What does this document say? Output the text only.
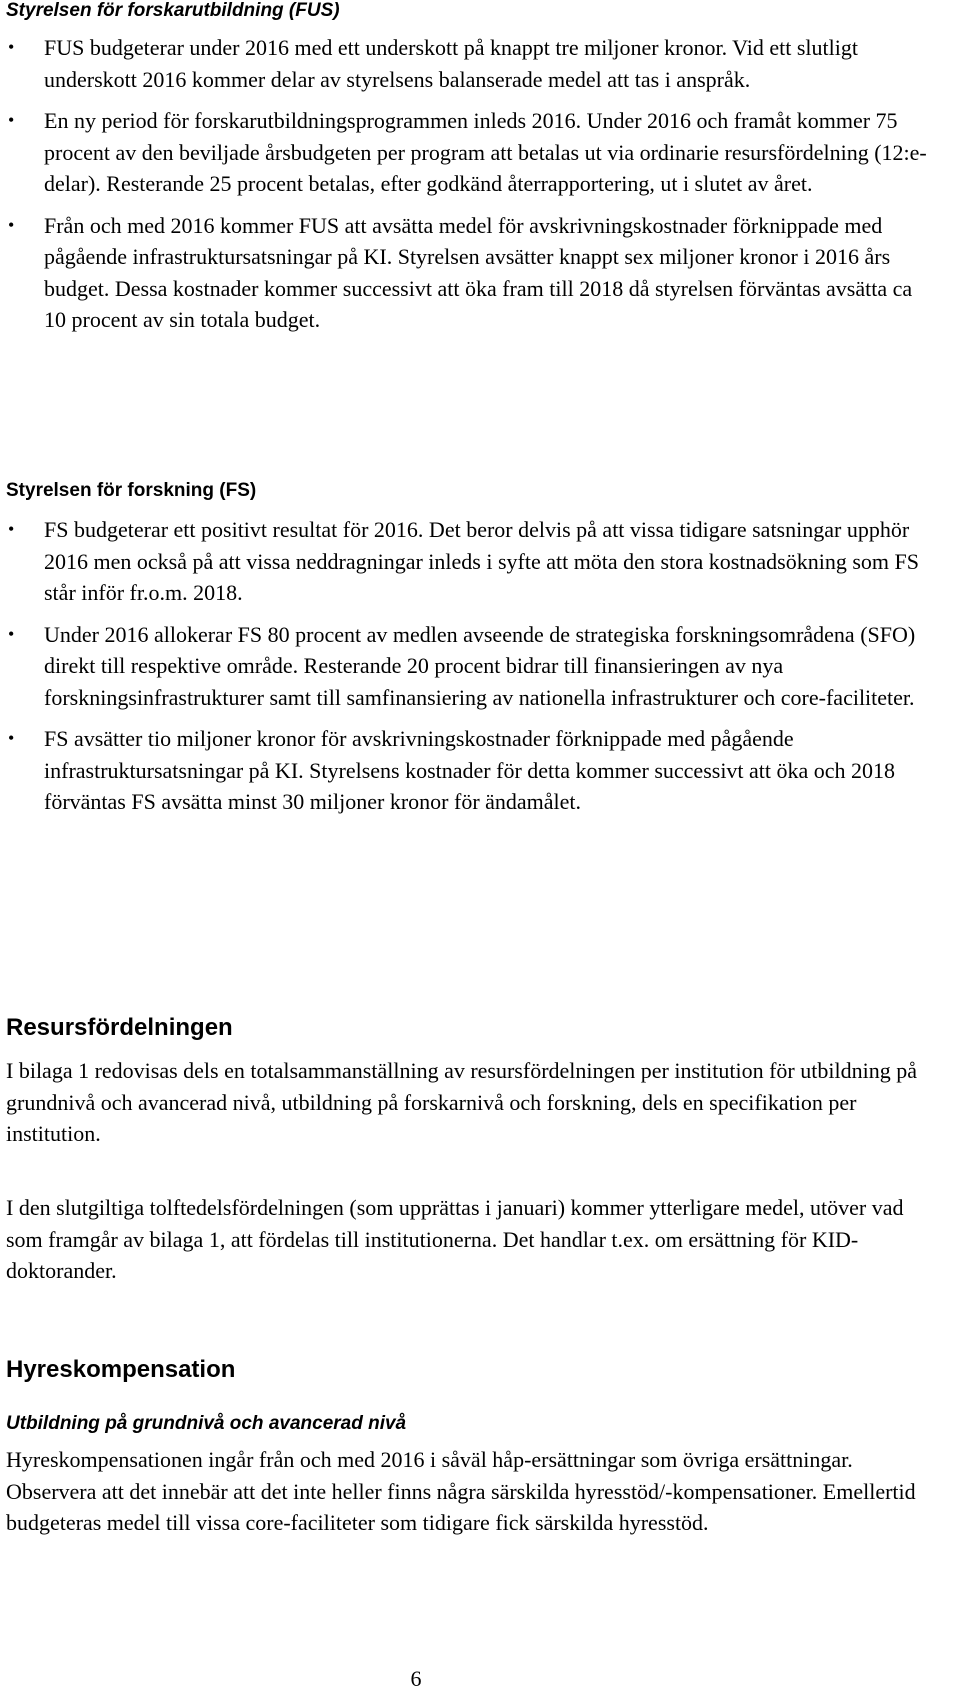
Styrelsen för forskarutbildning (FUS)
• FUS budgeterar under 2016 med ett underskott på knappt tre miljoner kronor. Vid ett slutligt underskott 2016 kommer delar av styrelsens balanserade medel att tas i anspråk.
• En ny period för forskarutbildningsprogrammen inleds 2016. Under 2016 och framåt kommer 75 procent av den beviljade årsbudgeten per program att betalas ut via ordinarie resursfördelning (12:e-delar). Resterande 25 procent betalas, efter godkänd återrapportering, ut i slutet av året.
• Från och med 2016 kommer FUS att avsätta medel för avskrivningskostnader förknippade med pågående infrastruktursatsningar på KI. Styrelsen avsätter knappt sex miljoner kronor i 2016 års budget. Dessa kostnader kommer successivt att öka fram till 2018 då styrelsen förväntas avsätta ca 10 procent av sin totala budget.
Styrelsen för forskning (FS)
• FS budgeterar ett positivt resultat för 2016. Det beror delvis på att vissa tidigare satsningar upphör 2016 men också på att vissa neddragningar inleds i syfte att möta den stora kostnadsökning som FS står inför fr.o.m. 2018.
• Under 2016 allokerar FS 80 procent av medlen avseende de strategiska forskningsområdena (SFO) direkt till respektive område. Resterande 20 procent bidrar till finansieringen av nya forskningsinfrastrukturer samt till samfinansiering av nationella infrastrukturer och core-faciliteter.
• FS avsätter tio miljoner kronor för avskrivningskostnader förknippade med pågående infrastruktursatsningar på KI. Styrelsens kostnader för detta kommer successivt att öka och 2018 förväntas FS avsätta minst 30 miljoner kronor för ändamålet.
Resursfördelningen

I bilaga 1 redovisas dels en totalsammanställning av resursfördelningen per institution för utbildning på grundnivå och avancerad nivå, utbildning på forskarnivå och forskning, dels en specifikation per institution.

I den slutgiltiga tolftedelsfördelningen (som upprättas i januari) kommer ytterligare medel, utöver vad som framgår av bilaga 1, att fördelas till institutionerna. Det handlar t.ex. om ersättning för KID-doktorander.

Hyreskompensation
Utbildning på grundnivå och avancerad nivå

Hyreskompensationen ingår från och med 2016 i såväl håp-ersättningar som övriga ersättningar. Observera att det innebär att det inte heller finns några särskilda hyresstöd/-kompensationer. Emellertid budgeteras medel till vissa core-faciliteter som tidigare fick särskilda hyresstöd.

6
